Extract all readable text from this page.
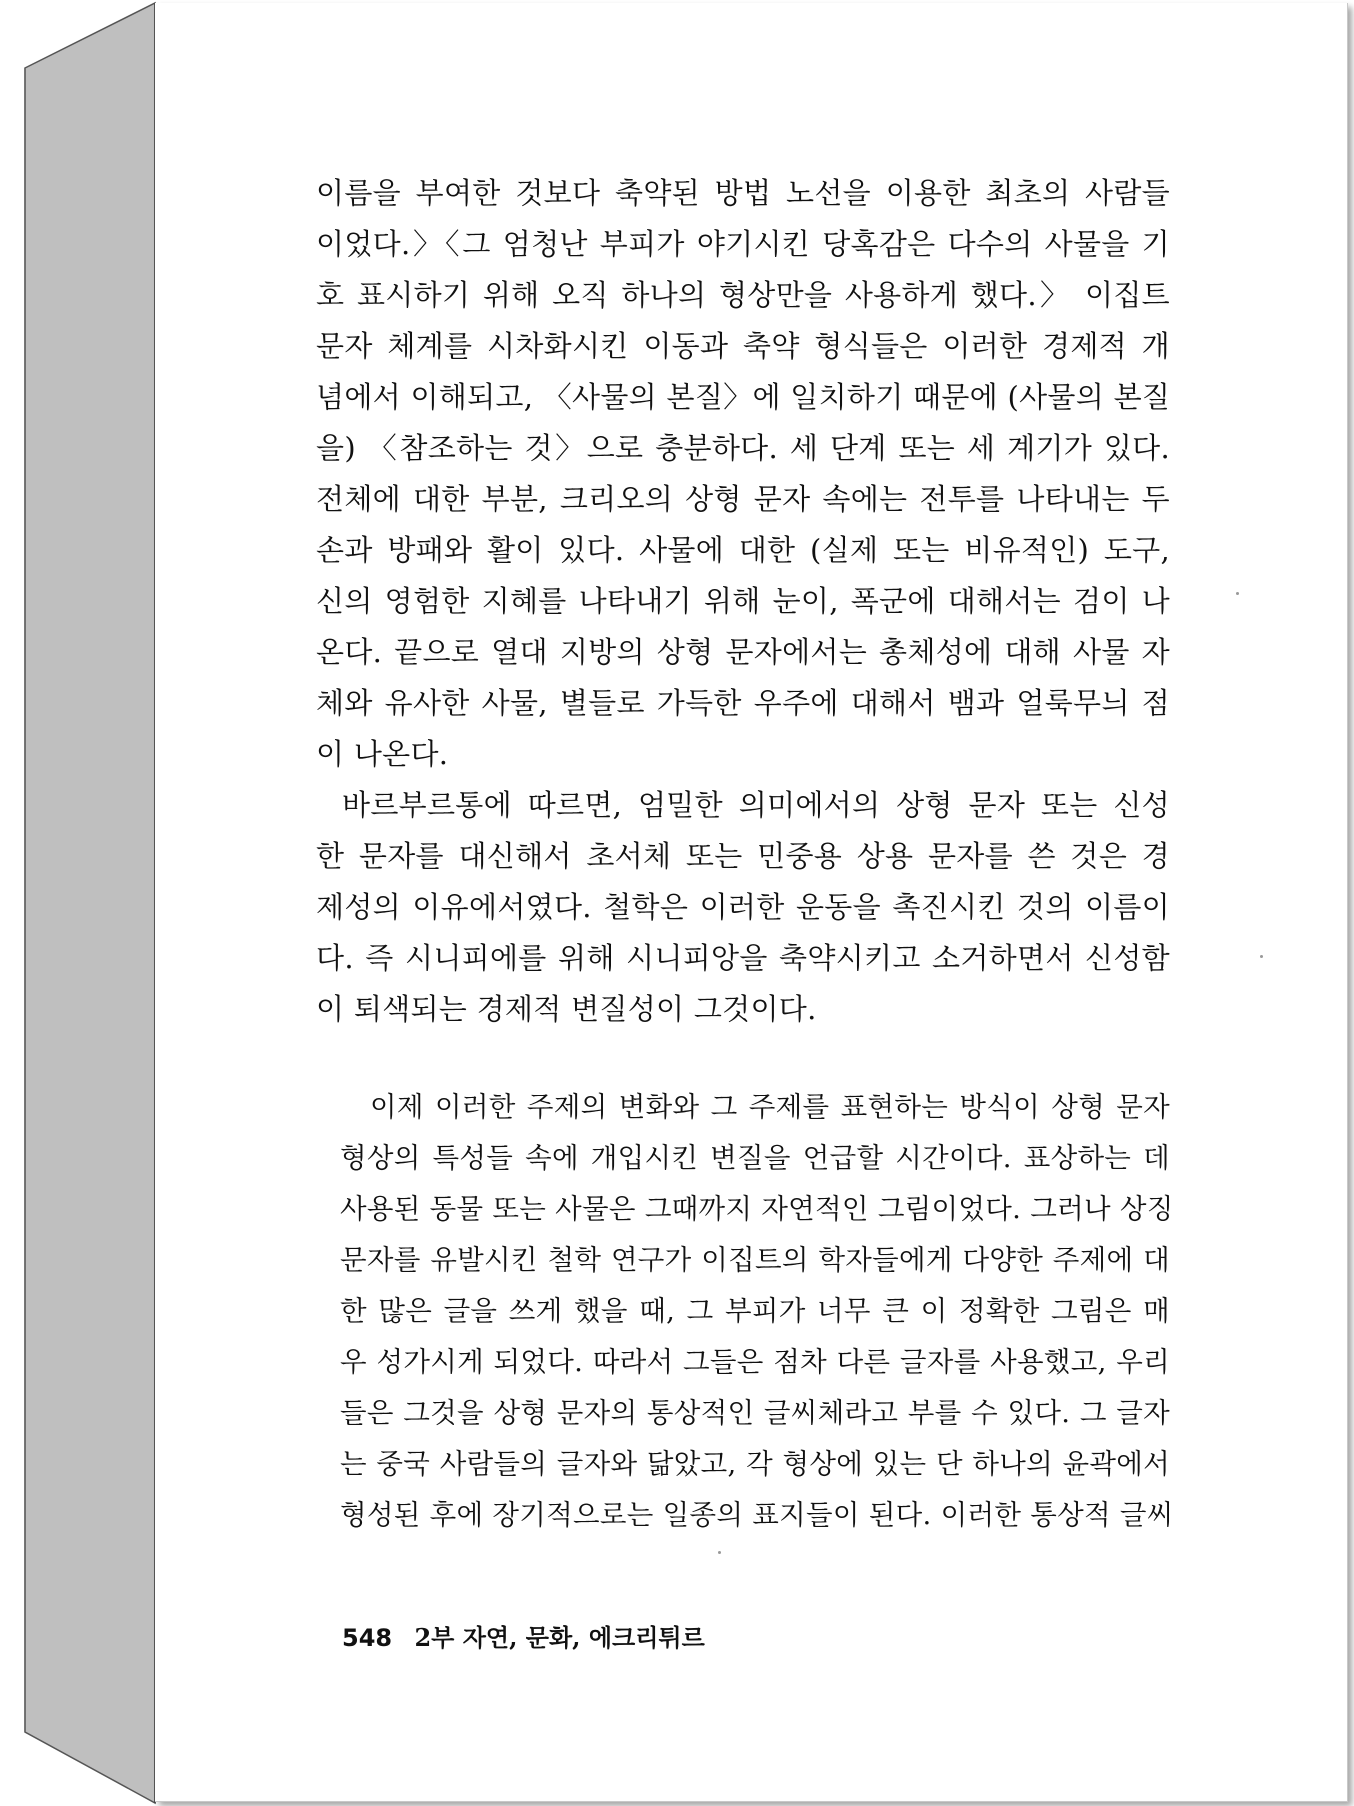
이름을 부여한 것보다 축약된 방법 노선을 이용한 최초의 사람들
이었다.〉〈그 엄청난 부피가 야기시킨 당혹감은 다수의 사물을 기
호 표시하기 위해 오직 하나의 형상만을 사용하게 했다.〉 이집트
문자 체계를 시차화시킨 이동과 축약 형식들은 이러한 경제적 개
념에서 이해되고, 〈사물의 본질〉에 일치하기 때문에 (사물의 본질
을) 〈참조하는 것〉으로 충분하다. 세 단계 또는 세 계기가 있다.
전체에 대한 부분, 크리오의 상형 문자 속에는 전투를 나타내는 두
손과 방패와 활이 있다. 사물에 대한 (실제 또는 비유적인) 도구,
신의 영험한 지혜를 나타내기 위해 눈이, 폭군에 대해서는 검이 나
온다. 끝으로 열대 지방의 상형 문자에서는 총체성에 대해 사물 자
체와 유사한 사물, 별들로 가득한 우주에 대해서 뱀과 얼룩무늬 점
이 나온다.
바르부르통에 따르면, 엄밀한 의미에서의 상형 문자 또는 신성
한 문자를 대신해서 초서체 또는 민중용 상용 문자를 쓴 것은 경
제성의 이유에서였다. 철학은 이러한 운동을 촉진시킨 것의 이름이
다. 즉 시니피에를 위해 시니피앙을 축약시키고 소거하면서 신성함
이 퇴색되는 경제적 변질성이 그것이다.
이제 이러한 주제의 변화와 그 주제를 표현하는 방식이 상형 문자
형상의 특성들 속에 개입시킨 변질을 언급할 시간이다. 표상하는 데
사용된 동물 또는 사물은 그때까지 자연적인 그림이었다. 그러나 상징
문자를 유발시킨 철학 연구가 이집트의 학자들에게 다양한 주제에 대
한 많은 글을 쓰게 했을 때, 그 부피가 너무 큰 이 정확한 그림은 매
우 성가시게 되었다. 따라서 그들은 점차 다른 글자를 사용했고, 우리
들은 그것을 상형 문자의 통상적인 글씨체라고 부를 수 있다. 그 글자
는 중국 사람들의 글자와 닮았고, 각 형상에 있는 단 하나의 윤곽에서
형성된 후에 장기적으로는 일종의 표지들이 된다. 이러한 통상적 글씨
548 2부 자연, 문화, 에크리튀르
